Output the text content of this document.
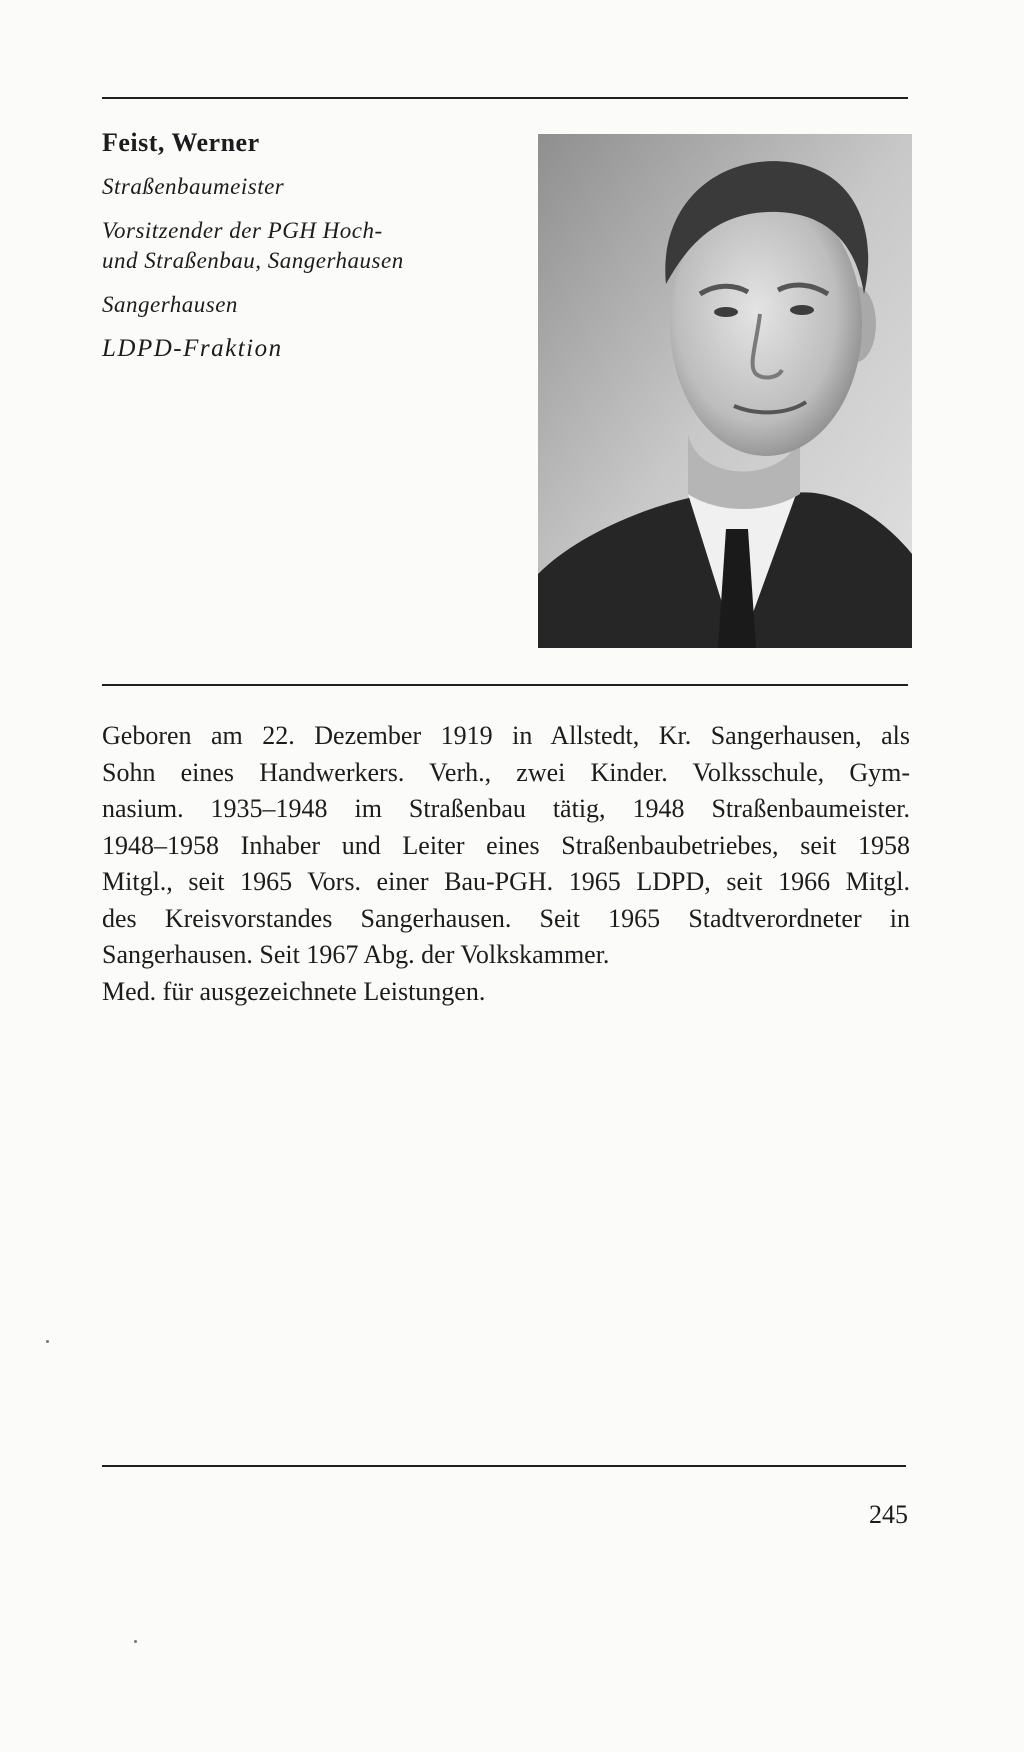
Feist, Werner

Straßenbaumeister

Vorsitzender der PGH Hoch-

und Straßenbau, Sangerhausen

Sangerhausen

LDPD-Fraktion

Geboren am 22. Dezember 1919 in Allstedt, Kr. Sangerhausen, als
Sohn eines Handwerkers. Verh., zwei Kinder. Volksschule, Gym-
nasium. 1935–1948 im Straßenbau tätig, 1948 Straßenbaumeister.
1948–1958 Inhaber und Leiter eines Straßenbaubetriebes, seit 1958
Mitgl., seit 1965 Vors. einer Bau-PGH. 1965 LDPD, seit 1966 Mitgl.
des Kreisvorstandes Sangerhausen. Seit 1965 Stadtverordneter in
Sangerhausen. Seit 1967 Abg. der Volkskammer.
Med. für ausgezeichnete Leistungen.
245
